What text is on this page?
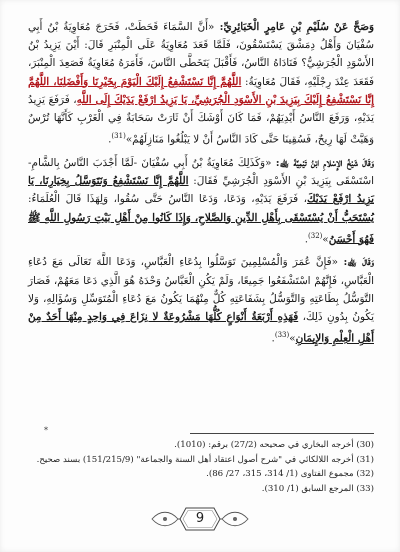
وَصَحَّ عَنْ سُلَيْمِ بْنِ عَامِرٍ الْخَبَائِرِيِّ: «أَنَّ السَّمَاءَ قَحَطَتْ، فَخَرَجَ مُعَاوِيَةُ بْنُ أَبِي سُفْيَانَ وَأَهْلُ دِمَشْقَ يَسْتَسْقُونَ، فَلَمَّا قَعَدَ مُعَاوِيَةُ عَلَى الْمِنْبَرِ قَالَ: أَيْنَ يَزِيدُ بْنُ الأَسْوَدِ الْجُرَشِيُّ؟ فَنَادَاهُ النَّاسُ، فَأَقْبَلَ يَتَخَطَّى النَّاسَ، فَأَمَرَهُ مُعَاوِيَةُ فَصَعِدَ الْمِنْبَرَ، فَقَعَدَ عِنْدَ رِجْلَيْهِ، فَقَالَ مُعَاوِيَةُ: اللَّهُمَّ إِنَّا نَسْتَشْفِعُ إِلَيْكَ الْيَوْمَ بِخَيْرِنَا وَأَفْضَلِنَا، اللَّهُمَّ إِنَّا نَسْتَشْفِعُ إِلَيْكَ بِيَزِيدَ بْنِ الأَسْوَدِ الْجُرَشِيِّ، يَا يَزِيدُ ارْفَعْ يَدَيْكَ إِلَى اللَّهِ، فَرَفَعَ يَزِيدُ يَدَيْهِ، وَرَفَعَ النَّاسُ أَيْدِيَهُمْ، فَمَا كَانَ أَوْشَكَ أَنْ ثَارَتْ سَحَابَةٌ فِي الْغَرْبِ كَأَنَّهَا تُرْسٌ وَهَبَّتْ لَهَا رِيحٌ، فَسُقِينَا حَتَّى كَادَ النَّاسُ أَنْ لا يَبْلُغُوا مَنَازِلَهُمْ»$^{(31)}$.

وَقَالَ شَيْخُ الإِسْلامِ ابْنُ تَيْمِيَّةَ ﵀: «وَكَذَلِكَ مُعَاوِيَةُ بْنُ أَبِي سُفْيَانَ -لَمَّا أَجْدَبَ النَّاسُ بِالشَّامِ- اسْتَسْقَى بِيَزِيدَ بْنِ الأَسْوَدِ الْجُرَشِيِّ فَقَالَ: اللَّهُمَّ إِنَّا نَسْتَشْفِعُ وَنَتَوَسَّلُ بِخِيَارِنَا، يَا يَزِيدُ ارْفَعْ يَدَيْكَ، فَرَفَعَ يَدَيْهِ، وَدَعَا، وَدَعَا النَّاسُ حَتَّى سُقُوا، وَلِهَذَا قَالَ الْعُلَمَاءُ: يُسْتَحَبُّ أَنْ يُسْتَسْقَى بِأَهْلِ الدِّينِ وَالصَّلاحِ، وَإِذَا كَانُوا مِنْ أَهْلِ بَيْتِ رَسُولِ اللَّهِ ﷺ فَهُوَ أَحْسَنُ»$^{(32)}$.

وَقَالَ ﵀: «فَإِنَّ عُمَرَ وَالْمُسْلِمِينَ تَوَسَّلُوا بِدُعَاءِ الْعَبَّاسِ، وَدَعَا اللَّهَ تَعَالَى مَعَ دُعَاءِ الْعَبَّاسِ، فَإِنَّهُمْ اسْتَشْفَعُوا جَمِيعًا، وَلَمْ يَكُنِ الْعَبَّاسُ وَحْدَهُ هُوَ الَّذِي دَعَا مَعَهُمْ، فَصَارَ التَّوَسُّلُ بِطَاعَتِهِ وَالتَّوَسُّلُ بِشَفَاعَتِهِ كُلٌّ مِنْهُمَا يَكُونُ مَعَ دُعَاءِ الْمُتَوَسِّلِ وَسُؤَالِهِ، وَلا يَكُونُ بِدُونِ ذَلِكَ، فَهَذِهِ أَرْبَعَةُ أَنْوَاعٍ كُلُّهَا مَشْرُوعَةٌ لا نِزَاعَ فِي وَاحِدٍ مِنْهَا أَحَدٌ مِنْ أَهْلِ الْعِلْمِ وَالإِيمَانِ»$^{(33)}$.

*
(30) أخرجه البخاري في صحيحه (27/2) برقم: (1010).
(31) أخرجه اللالكائي في "شرح أصول اعتقاد أهل السنة والجماعة" (151/215/9) بسند صحيح.
(32) مجموع الفتاوى (1/ 314، 315، 27/ 86).
(33) المرجع السابق (1/ 310).
9
